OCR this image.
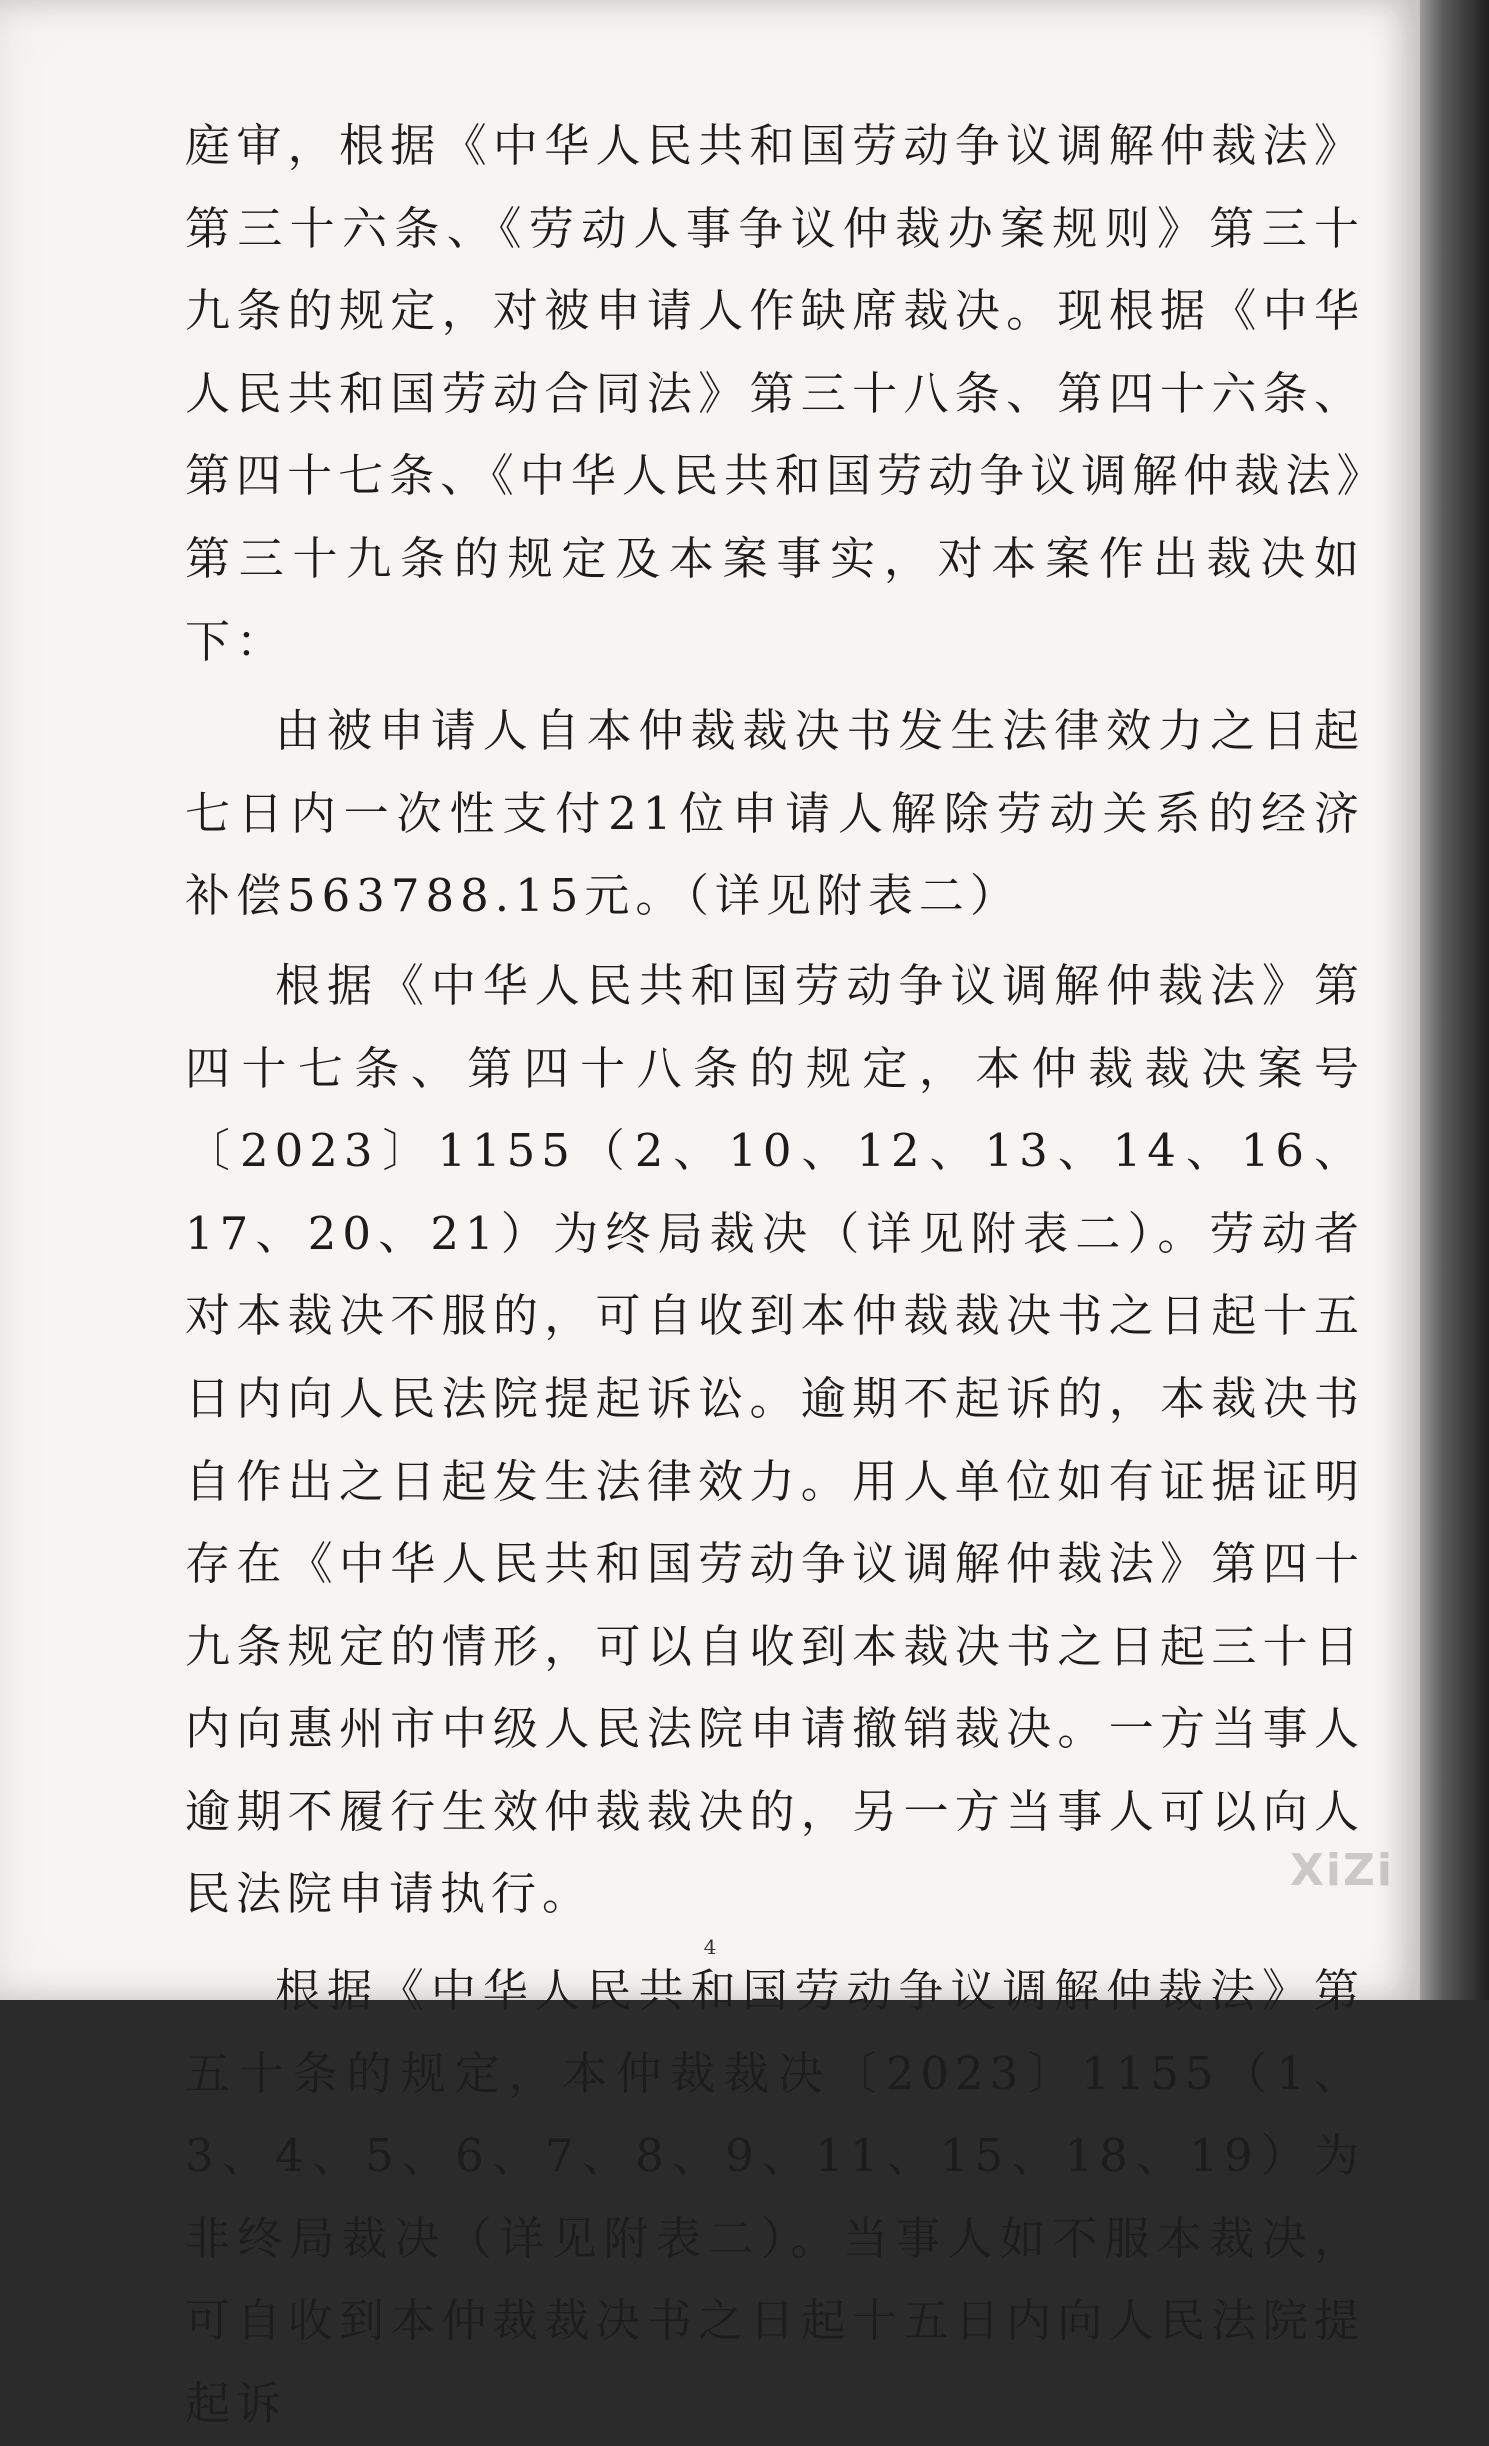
庭审，根据《中华人民共和国劳动争议调解仲裁法》第三十六条、《劳动人事争议仲裁办案规则》第三十九条的规定，对被申请人作缺席裁决。现根据《中华人民共和国劳动合同法》第三十八条、第四十六条、第四十七条、《中华人民共和国劳动争议调解仲裁法》第三十九条的规定及本案事实，对本案作出裁决如下：

由被申请人自本仲裁裁决书发生法律效力之日起七日内一次性支付21位申请人解除劳动关系的经济补偿563788.15元。（详见附表二）

根据《中华人民共和国劳动争议调解仲裁法》第四十七条、第四十八条的规定，本仲裁裁决案号〔2023〕1155（2、10、12、13、14、16、17、20、21）为终局裁决（详见附表二）。劳动者对本裁决不服的，可自收到本仲裁裁决书之日起十五日内向人民法院提起诉讼。逾期不起诉的，本裁决书自作出之日起发生法律效力。用人单位如有证据证明存在《中华人民共和国劳动争议调解仲裁法》第四十九条规定的情形，可以自收到本裁决书之日起三十日内向惠州市中级人民法院申请撤销裁决。一方当事人逾期不履行生效仲裁裁决的，另一方当事人可以向人民法院申请执行。

根据《中华人民共和国劳动争议调解仲裁法》第五十条的规定，本仲裁裁决〔2023〕1155（1、3、4、5、6、7、8、9、11、15、18、19）为非终局裁决（详见附表二）。当事人如不服本裁决，可自收到本仲裁裁决书之日起十五日内向人民法院提起诉

4
XiZi
